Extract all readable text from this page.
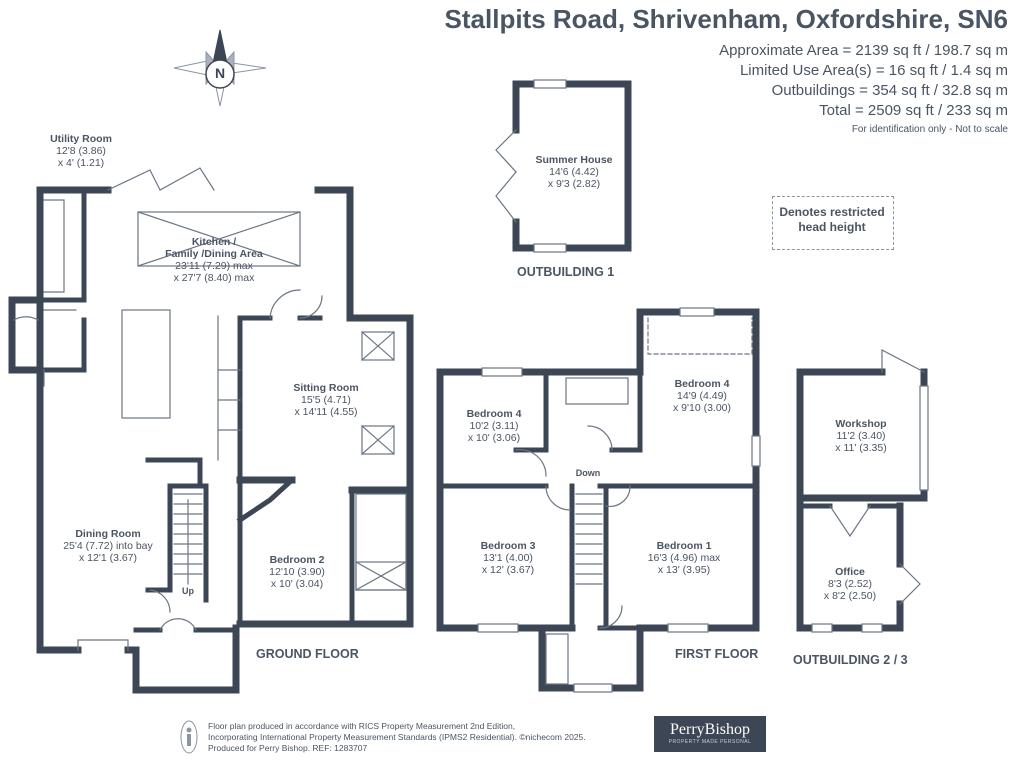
Stallpits Road, Shrivenham, Oxfordshire, SN6
Approximate Area = 2139 sq ft / 198.7 sq m
Limited Use Area(s) = 16 sq ft / 1.4 sq m
Outbuildings = 354 sq ft / 32.8 sq m
Total = 2509 sq ft / 233 sq m
For identification only - Not to scale
Utility Room
12'8 (3.86)
x 4' (1.21)
Kitchen /
Family /Dining Area
23'11 (7.29) max
x 27'7 (8.40) max
Sitting Room
15'5 (4.71)
x 14'11 (4.55)
Dining Room
25'4 (7.72) into bay
x 12'1 (3.67)	Bedroom 2
12'10 (3.90)
x 10' (3.04)
Summer House
14'6 (4.42)
x 9'3 (2.82)
Bedroom 4
10'2 (3.11)
x 10' (3.06)
Bedroom 4
14'9 (4.49)
x 9'10 (3.00)
Bedroom 3
13'1 (4.00)
x 12' (3.67)
Bedroom 1
16'3 (4.96) max
x 13' (3.95)
Workshop
11'2 (3.40)
x 11' (3.35)
Office
8'3 (2.52)
x 8'2 (2.50)
N
Up
Down
GROUND FLOOR	FIRST FLOOR
OUTBUILDING 1
OUTBUILDING 2 / 3
Denotes restricted
head height
Floor plan produced in accordance with RICS Property Measurement 2nd Edition,
Incorporating International Property Measurement Standards (IPMS2 Residential). ©nichecom 2025.
Produced for Perry Bishop. REF: 1283707
PerryBishop
PROPERTY MADE PERSONAL
